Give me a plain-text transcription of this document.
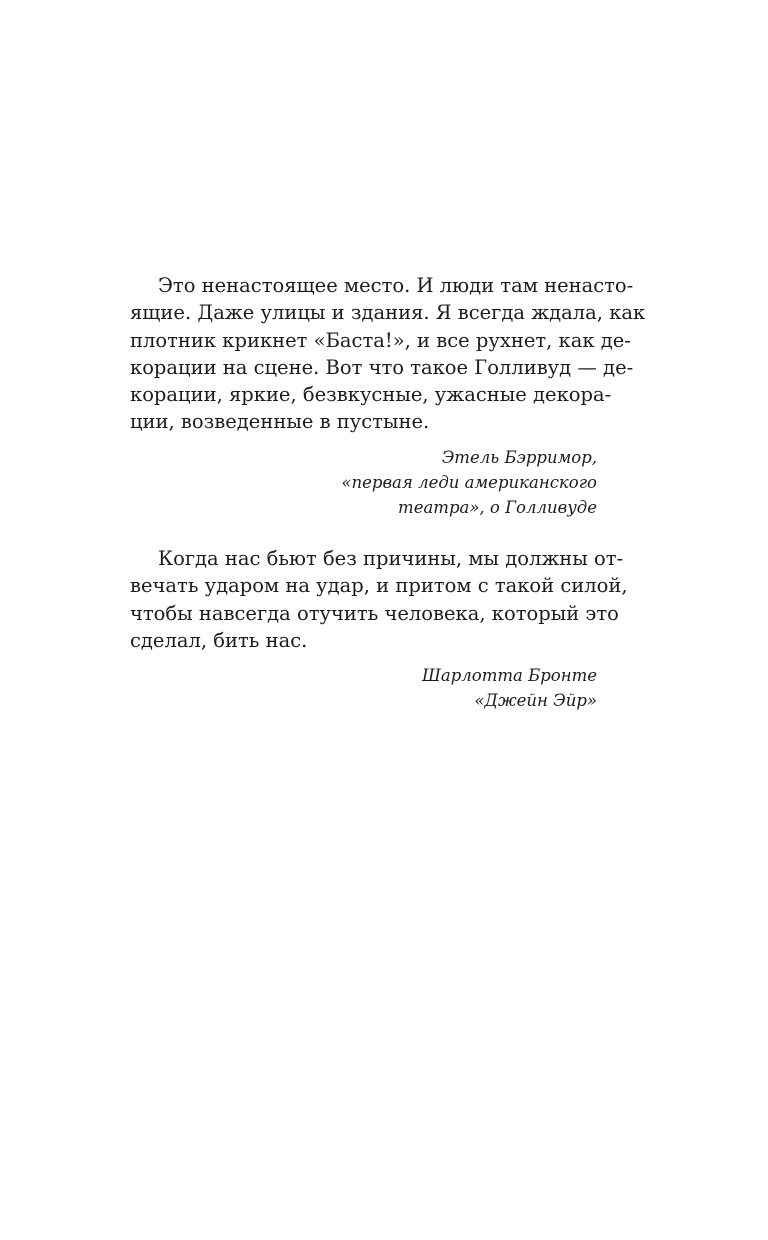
Это ненастоящее место. И люди там ненасто-
ящие. Даже улицы и здания. Я всегда ждала, как
плотник крикнет «Баста!», и все рухнет, как де-
корации на сцене. Вот что такое Голливуд — де-
корации, яркие, безвкусные, ужасные декора-
ции, возведенные в пустыне.

Этель Бэрримор,
«первая леди американского
театра», о Голливуде

Когда нас бьют без причины, мы должны от-
вечать ударом на удар, и притом с такой силой,
чтобы навсегда отучить человека, который это
сделал, бить нас.

Шарлотта Бронте
«Джейн Эйр»
